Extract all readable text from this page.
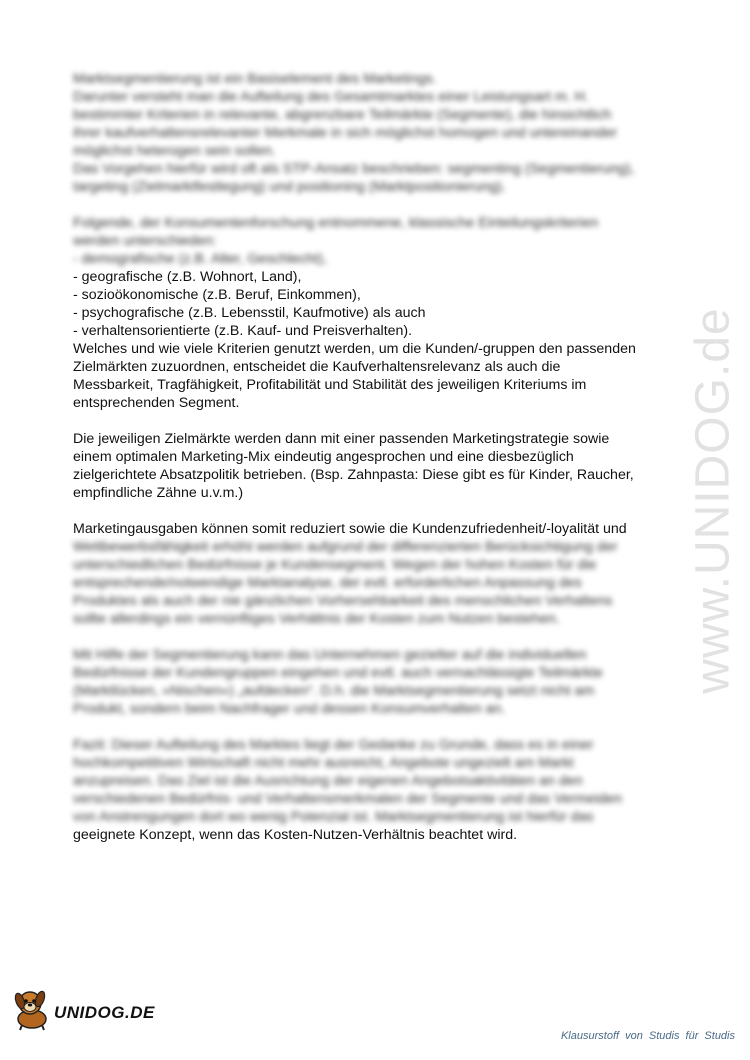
www.UNIDOG.de
Marktsegmentierung ist ein Basiselement des Marketings.
Darunter versteht man die Aufteilung des Gesamtmarktes einer Leistungsart m. H.
bestimmter Kriterien in relevante, abgrenzbare Teilmärkte (Segmente), die hinsichtlich
ihrer kaufverhaltensrelevanter Merkmale in sich möglichst homogen und untereinander
möglichst heterogen sein sollen.
Das Vorgehen hierfür wird oft als STP-Ansatz beschrieben: segmenting (Segmentierung),
targeting (Zielmarktfestlegung) und positioning (Marktpositionierung).
Folgende, der Konsumentenforschung entnommene, klassische Einteilungskriterien
werden unterschieden:
- demografische (z.B. Alter, Geschlecht),
- geografische (z.B. Wohnort, Land),
- sozioökonomische (z.B. Beruf, Einkommen),
- psychografische (z.B. Lebensstil, Kaufmotive) als auch
- verhaltensorientierte (z.B. Kauf- und Preisverhalten).
Welches und wie viele Kriterien genutzt werden, um die Kunden/-gruppen den passenden
Zielmärkten zuzuordnen, entscheidet die Kaufverhaltensrelevanz als auch die
Messbarkeit, Tragfähigkeit, Profitabilität und Stabilität des jeweiligen Kriteriums im
entsprechenden Segment.
Die jeweiligen Zielmärkte werden dann mit einer passenden Marketingstrategie sowie
einem optimalen Marketing-Mix eindeutig angesprochen und eine diesbezüglich
zielgerichtete Absatzpolitik betrieben. (Bsp. Zahnpasta: Diese gibt es für Kinder, Raucher,
empfindliche Zähne u.v.m.)
Marketingausgaben können somit reduziert sowie die Kundenzufriedenheit/-loyalität und
Wettbewerbsfähigkeit erhöht werden aufgrund der differenzierten Berücksichtigung der
unterschiedlichen Bedürfnisse je Kundensegment. Wegen der hohen Kosten für die
entsprechende/notwendige Marktanalyse, der evtl. erforderlichen Anpassung des
Produktes als auch der nie gänzlichen Vorhersehbarkeit des menschlichen Verhaltens
sollte allerdings ein vernünftiges Verhältnis der Kosten zum Nutzen bestehen.
Mit Hilfe der Segmentierung kann das Unternehmen gezielter auf die individuellen
Bedürfnisse der Kundengruppen eingehen und evtl. auch vernachlässigte Teilmärkte
(Marktlücken, »Nischen«) „aufdecken“. D.h. die Marktsegmentierung setzt nicht am
Produkt, sondern beim Nachfrager und dessen Konsumverhalten an.
Fazit: Dieser Aufteilung des Marktes liegt der Gedanke zu Grunde, dass es in einer
hochkompetitiven Wirtschaft nicht mehr ausreicht, Angebote ungezielt am Markt
anzupreisen. Das Ziel ist die Ausrichtung der eigenen Angebotsaktivitäten an den
verschiedenen Bedürfnis- und Verhaltensmerkmalen der Segmente und das Vermeiden
von Anstrengungen dort wo wenig Potenzial ist. Marktsegmentierung ist hierfür das
geeignete Konzept, wenn das Kosten-Nutzen-Verhältnis beachtet wird.
UNIDOG.DE
Klausurstoff von Studis für Studis
